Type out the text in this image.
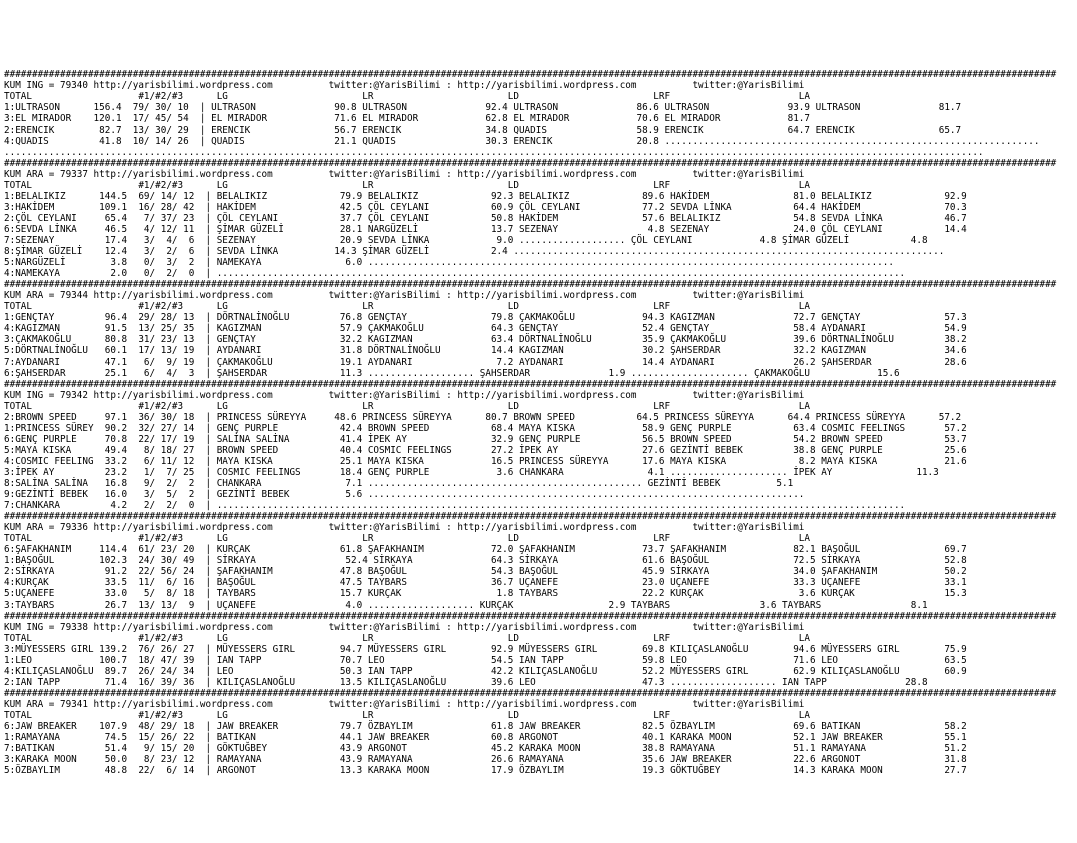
############################################################################################################################################################################################
KUM ING = 79340 http://yarisbilimi.wordpress.com          twitter:@YarisBilimi : http://yarisbilimi.wordpress.com          twitter:@YarisBilimi
TOTAL                   #1/#2/#3      LG                        LR                        LD                        LRF                       LA
1:ULTRASON      156.4  79/ 30/ 10  | ULTRASON              90.8 ULTRASON              92.4 ULTRASON              86.6 ULTRASON              93.9 ULTRASON              81.7
3:EL MIRADOR    120.1  17/ 45/ 54  | EL MIRADOR            71.6 EL MIRADOR            62.8 EL MIRADOR            70.6 EL MIRADOR            81.7
2:ERENCIK        82.7  13/ 30/ 29  | ERENCIK               56.7 ERENCIK               34.8 QUADIS                58.9 ERENCIK               64.7 ERENCIK               65.7
4:QUADIS         41.8  10/ 14/ 26  | QUADIS                21.1 QUADIS                30.3 ERENCIK               20.8 ...................................................................
...............................................................................................................................................................................
############################################################################################################################################################################################
KUM ARA = 79337 http://yarisbilimi.wordpress.com          twitter:@YarisBilimi : http://yarisbilimi.wordpress.com          twitter:@YarisBilimi
TOTAL                   #1/#2/#3      LG                        LR                        LD                        LRF                       LA
1:BELALIKIZ      144.5  69/ 14/ 12  | BELALIKIZ             79.9 BELALIKIZ             92.3 BELALIKIZ             89.6 HAKİDEM               81.0 BELALIKIZ             92.9
3:HAKİDEM        109.1  16/ 28/ 42  | HAKİDEM               42.5 ÇÖL CEYLANI           60.9 ÇÖL CEYLANI           77.2 SEVDA LİNKA           64.4 HAKİDEM               70.3
2:ÇÖL CEYLANI     65.4   7/ 37/ 23  | ÇÖL CEYLANI           37.7 ÇÖL CEYLANI           50.8 HAKİDEM               57.6 BELALIKIZ             54.8 SEVDA LİNKA           46.7
6:SEVDA LİNKA     46.5   4/ 12/ 11  | ŞİMAR GÜZELİ          28.1 NARGÜZELİ             13.7 SEZENAY                4.8 SEZENAY               24.0 ÇÖL CEYLANI           14.4
7:SEZENAY         17.4   3/  4/  6  | SEZENAY               20.9 SEVDA LİNKA            9.0 ................... ÇÖL CEYLANI            4.8 ŞİMAR GÜZELİ           4.8
8:ŞİMAR GÜZELİ    12.4   3/  2/  6  | SEVDA LİNKA          14.3 ŞİMAR GÜZELİ           2.4 .............................................................................
5:NARGÜZELİ        3.8   0/  3/  2  | NAMEKAYA               6.0 ..............................................................................................
4:NAMEKAYA         2.0   0/  2/  0  | ...........................................................................................................................
############################################################################################################################################################################################
KUM ARA = 79344 http://yarisbilimi.wordpress.com          twitter:@YarisBilimi : http://yarisbilimi.wordpress.com          twitter:@YarisBilimi
TOTAL                   #1/#2/#3      LG                        LR                        LD                        LRF                       LA
1:GENÇTAY         96.4  29/ 28/ 13  | DÖRTNALİNOĞLU         76.8 GENÇTAY               79.8 ÇAKMAKOĞLU            94.3 KAGIZMAN              72.7 GENÇTAY               57.3
4:KAGIZMAN        91.5  13/ 25/ 35  | KAGIZMAN              57.9 ÇAKMAKOĞLU            64.3 GENÇTAY               52.4 GENÇTAY               58.4 AYDANARI              54.9
3:ÇAKMAKOĞLU      80.8  31/ 23/ 13  | GENÇTAY               32.2 KAGIZMAN              63.4 DÖRTNALİNOĞLU         35.9 ÇAKMAKOĞLU            39.6 DÖRTNALİNOĞLU         38.2
5:DÖRTNALİNOĞLU   60.1  17/ 13/ 19  | AYDANARI              31.8 DÖRTNALİNOĞLU         14.4 KAGIZMAN              30.2 ŞAHSERDAR             32.2 KAGIZMAN              34.6
7:AYDANARI        47.1   6/  9/ 19  | ÇAKMAKOĞLU            19.1 AYDANARI               7.2 AYDANARI              14.4 AYDANARI              26.2 ŞAHSERDAR             28.6
6:ŞAHSERDAR       25.1   6/  4/  3  | ŞAHSERDAR             11.3 ................... ŞAHSERDAR              1.9 ..................... ÇAKMAKOĞLU            15.6
############################################################################################################################################################################################
KUM ING = 79342 http://yarisbilimi.wordpress.com          twitter:@YarisBilimi : http://yarisbilimi.wordpress.com          twitter:@YarisBilimi
TOTAL                   #1/#2/#3      LG                        LR                        LD                        LRF                       LA
2:BROWN SPEED     97.1  36/ 30/ 18  | PRINCESS SÜREYYA     48.6 PRINCESS SÜREYYA      80.7 BROWN SPEED           64.5 PRINCESS SÜREYYA      64.4 PRINCESS SÜREYYA      57.2
1:PRINCESS SÜREY  90.2  32/ 27/ 14  | GENÇ PURPLE           42.4 BROWN SPEED           68.4 MAYA KISKA            58.9 GENÇ PURPLE           63.4 COSMIC FEELINGS       57.2
6:GENÇ PURPLE     70.8  22/ 17/ 19  | SALİNA SALİNA         41.4 İPEK AY               32.9 GENÇ PURPLE           56.5 BROWN SPEED           54.2 BROWN SPEED           53.7
5:MAYA KISKA      49.4   8/ 18/ 27  | BROWN SPEED           40.4 COSMIC FEELINGS       27.2 İPEK AY               27.6 GEZİNTİ BEBEK         38.8 GENÇ PURPLE           25.6
4:COSMIC FEELING  33.2   6/ 11/ 12  | MAYA KISKA            25.1 MAYA KISKA            16.5 PRINCESS SÜREYYA      17.6 MAYA KISKA             8.2 MAYA KISKA            21.6
3:İPEK AY         23.2   1/  7/ 25  | COSMIC FEELINGS       18.4 GENÇ PURPLE            3.6 CHANKARA               4.1 ..................... İPEK AY               11.3
8:SALİNA SALİNA   16.8   9/  2/  2  | CHANKARA               7.1 ................................................. GEZİNTİ BEBEK          5.1
9:GEZİNTİ BEBEK   16.0   3/  5/  2  | GEZİNTİ BEBEK          5.6 ..............................................................................
7:CHANKARA         4.2   2/  2/  0  | ...........................................................................................................................
############################################################################################################################################################################################
KUM ARA = 79336 http://yarisbilimi.wordpress.com          twitter:@YarisBilimi : http://yarisbilimi.wordpress.com          twitter:@YarisBilimi
TOTAL                   #1/#2/#3      LG                        LR                        LD                        LRF                       LA
6:ŞAFAKHANIM     114.4  61/ 23/ 20  | KURÇAK                61.8 ŞAFAKHANIM            72.0 ŞAFAKHANIM            73.7 ŞAFAKHANIM            82.1 BAŞOĞUL               69.7
1:BAŞOĞUL        102.3  24/ 30/ 49  | SİRKAYA                52.4 SİRKAYA              64.3 SİRKAYA               61.6 BAŞOĞUL               72.5 SİRKAYA               52.8
2:SİRKAYA         91.2  22/ 56/ 24  | ŞAFAKHANIM            47.8 BAŞOĞUL               54.3 BAŞOĞUL               45.9 SİRKAYA               34.0 ŞAFAKHANIM            50.2
4:KURÇAK          33.5  11/  6/ 16  | BAŞOĞUL               47.5 TAYBARS               36.7 UÇANEFE               23.0 UÇANEFE               33.3 UÇANEFE               33.1
5:UÇANEFE         33.0   5/  8/ 18  | TAYBARS               15.7 KURÇAK                 1.8 TAYBARS               22.2 KURÇAK                 3.6 KURÇAK                15.3
3:TAYBARS         26.7  13/ 13/  9  | UÇANEFE                4.0 ................... KURÇAK                 2.9 TAYBARS                3.6 TAYBARS                8.1
############################################################################################################################################################################################
KUM ING = 79338 http://yarisbilimi.wordpress.com          twitter:@YarisBilimi : http://yarisbilimi.wordpress.com          twitter:@YarisBilimi
TOTAL                   #1/#2/#3      LG                        LR                        LD                        LRF                       LA
3:MÜYESSERS GIRL 139.2  76/ 26/ 27  | MÜYESSERS GIRL        94.7 MÜYESSERS GIRL        92.9 MÜYESSERS GIRL        69.8 KILIÇASLANOĞLU        94.6 MÜYESSERS GIRL        75.9
1:LEO            100.7  18/ 47/ 39  | IAN TAPP              70.7 LEO                   54.5 IAN TAPP              59.8 LEO                   71.6 LEO                   63.5
4:KILIÇASLANOĞLU  89.7  26/ 24/ 34  | LEO                   50.3 IAN TAPP              42.2 KILIÇASLANOĞLU        52.2 MÜYESSERS GIRL        62.9 KILIÇASLANOĞLU        60.9
2:IAN TAPP        71.4  16/ 39/ 36  | KILIÇASLANOĞLU        13.5 KILIÇASLANOĞLU        39.6 LEO                   47.3 ................... IAN TAPP              28.8
############################################################################################################################################################################################
KUM ARA = 79341 http://yarisbilimi.wordpress.com          twitter:@YarisBilimi : http://yarisbilimi.wordpress.com          twitter:@YarisBilimi
TOTAL                   #1/#2/#3      LG                        LR                        LD                        LRF                       LA
6:JAW BREAKER    107.9  48/ 29/ 18  | JAW BREAKER           79.7 ÖZBAYLIM              61.8 JAW BREAKER           82.5 ÖZBAYLIM              69.6 BATIKAN               58.2
1:RAMAYANA        74.5  15/ 26/ 22  | BATIKAN               44.1 JAW BREAKER           60.8 ARGONOT               40.1 KARAKA MOON           52.1 JAW BREAKER           55.1
7:BATIKAN         51.4   9/ 15/ 20  | GÖKTUĞBEY             43.9 ARGONOT               45.2 KARAKA MOON           38.8 RAMAYANA              51.1 RAMAYANA              51.2
3:KARAKA MOON     50.0   8/ 23/ 12  | RAMAYANA              43.9 RAMAYANA              26.6 RAMAYANA              35.6 JAW BREAKER           22.6 ARGONOT               31.8
5:ÖZBAYLIM        48.8  22/  6/ 14  | ARGONOT               13.3 KARAKA MOON           17.9 ÖZBAYLIM              19.3 GÖKTUĞBEY             14.3 KARAKA MOON           27.7
